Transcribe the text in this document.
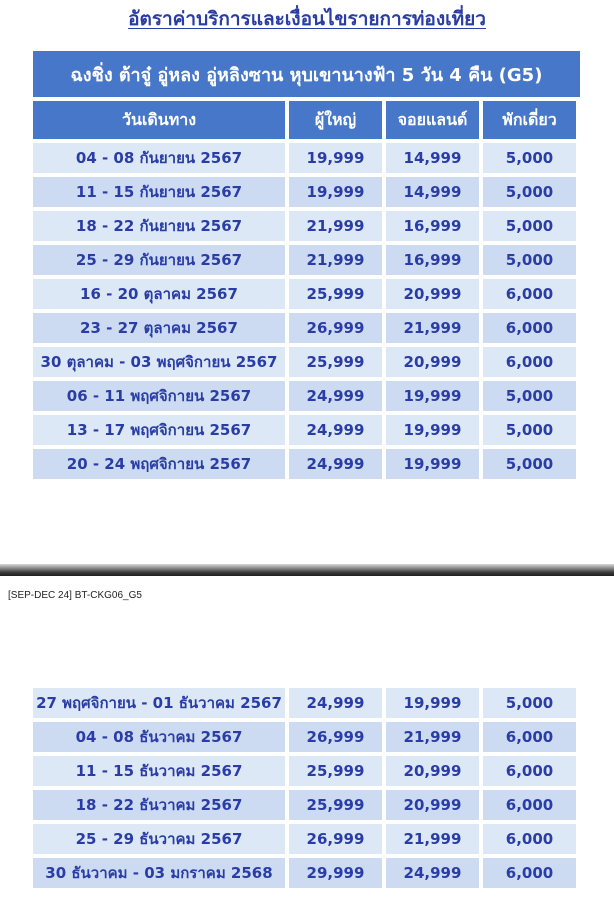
อัตราค่าบริการและเงื่อนไขรายการท่องเที่ยว
ฉงชิ่ง ต้าจู๋ อู่หลง อู่หลิงซาน หุบเขานางฟ้า 5 วัน 4 คืน (G5)
วันเดินทาง	ผู้ใหญ่	จอยแลนด์	พักเดี่ยว
04 - 08 กันยายน 2567	19,999	14,999	5,000
11 - 15 กันยายน 2567	19,999	14,999	5,000
18 - 22 กันยายน 2567	21,999	16,999	5,000
25 - 29 กันยายน 2567	21,999	16,999	5,000
16 - 20 ตุลาคม 2567	25,999	20,999	6,000
23 - 27 ตุลาคม 2567	26,999	21,999	6,000
30 ตุลาคม - 03 พฤศจิกายน 2567	25,999	20,999	6,000
06 - 11 พฤศจิกายน 2567	24,999	19,999	5,000
13 - 17 พฤศจิกายน 2567	24,999	19,999	5,000
20 - 24 พฤศจิกายน 2567	24,999	19,999	5,000
[SEP-DEC 24] BT-CKG06_G5
27 พฤศจิกายน - 01 ธันวาคม 2567	24,999	19,999	5,000
04 - 08 ธันวาคม 2567	26,999	21,999	6,000
11 - 15 ธันวาคม 2567	25,999	20,999	6,000
18 - 22 ธันวาคม 2567	25,999	20,999	6,000
25 - 29 ธันวาคม 2567	26,999	21,999	6,000
30 ธันวาคม - 03 มกราคม 2568	29,999	24,999	6,000
